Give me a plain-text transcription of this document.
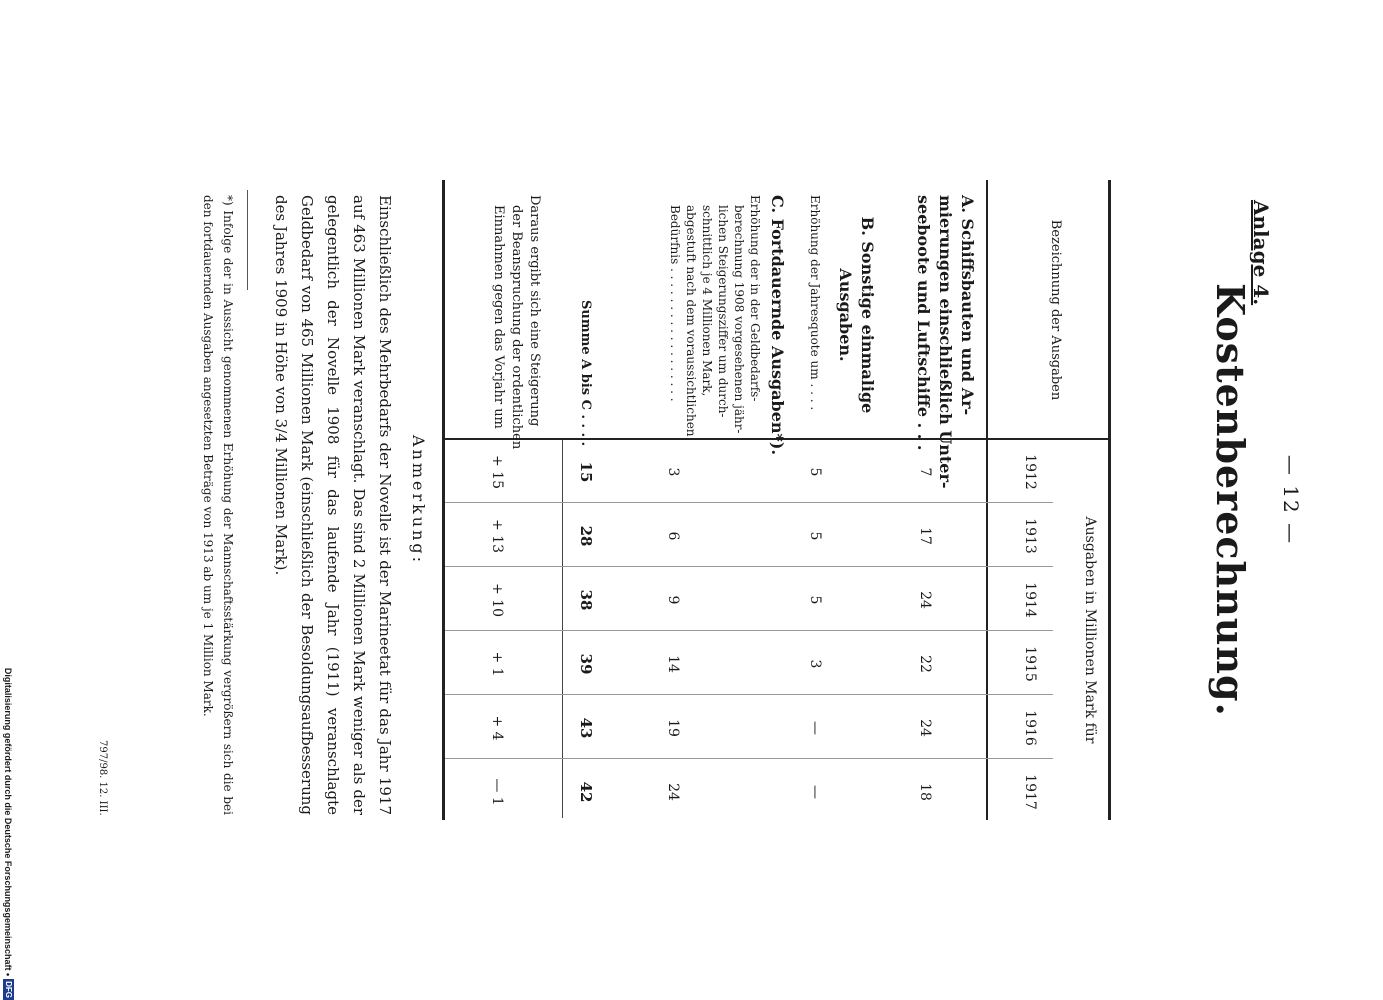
— 12 —
Anlage 4.
Kostenberechnung.
Bezeichnung der Ausgaben
Ausgaben in Millionen Mark für
1912
1913
1914
1915
1916
1917
A. Schiffsbauten und Ar-
mierungen einschließlich Unter-
seeboote und Luftschiffe . . .
7
17
24
22
24
18
B. Sonstige einmalige
Ausgaben.
Erhöhung der Jahresquote um . . . .
5
5
5
3
—
—
C. Fortdauernde Ausgaben*).
Erhöhung der in der Geldbedarfs-
berechnung 1908 vorgesehenen jähr-
lichen Steigerungsziffer um durch-
schnittlich je 4 Millionen Mark,
abgestuft nach dem voraussichtlichen
Bedürfnis . . . . . . . . . . . . . . . . . .
3
6
9
14
19
24
Summe A bis C . . . .
15
28
38
39
43
42
Daraus ergibt sich eine Steigerung
der Beanspruchung der ordentlichen
Einnahmen gegen das Vorjahr um
+ 15
+ 13
+ 10
+ 1
+ 4
— 1
Anmerkung:
Einschließlich des Mehrbedarfs der Novelle ist der Marineetat für das Jahr 1917 auf 463 Millionen Mark veranschlagt. Das sind 2 Millionen Mark weniger als der gelegentlich der Novelle 1908 für das laufende Jahr (1911) veranschlagte Geldbedarf von 465 Millionen Mark (einschließlich der Besoldungsaufbesserung des Jahres 1909 in Höhe von 3/4 Millionen Mark).
*) Infolge der in Aussicht genommenen Erhöhung der Mannschaftsstärkung vergrößern sich die bei den fortdauernden Ausgaben angesetzten Beträge von 1913 ab um je 1 Million Mark.
797/98. 12. III.
Digitalisierung gefördert durch die Deutsche Forschungsgemeinschaft •
DFG
